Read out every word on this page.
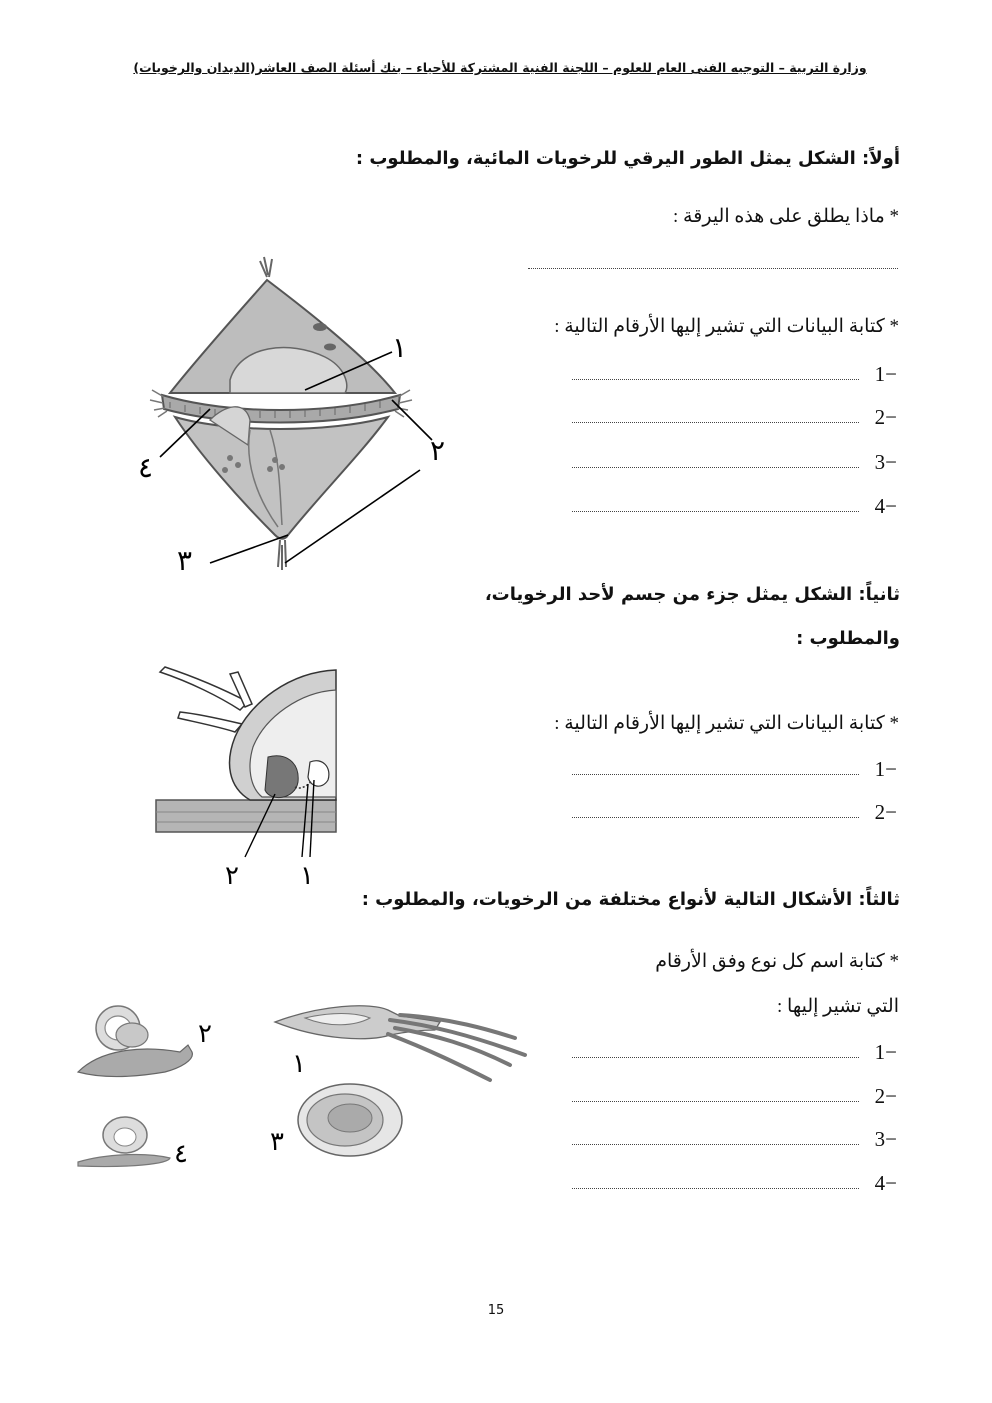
وزارة التربية – التوجيه الفنى العام للعلوم – اللجنة الفنية المشتركة للأحياء – بنك أسئلة الصف العاشر(الديدان والرخويات)
أولاً: الشكل يمثل الطور اليرقي للرخويات المائية، والمطلوب :
* ماذا يطلق على هذه اليرقة :
* كتابة البيانات التي تشير إليها الأرقام التالية :
1−
2−
3−
4−
١
٢
٣
٤
ثانياً: الشكل يمثل جزء من جسم لأحد الرخويات،
والمطلوب :
* كتابة البيانات التي تشير إليها الأرقام التالية :
1−
2−
١
٢
ثالثاً: الأشكال التالية لأنواع مختلفة من الرخويات، والمطلوب :
* كتابة اسم كل نوع وفق الأرقام
التي تشير إليها :
1−
2−
3−
4−
٢
١
٣
٤
15
